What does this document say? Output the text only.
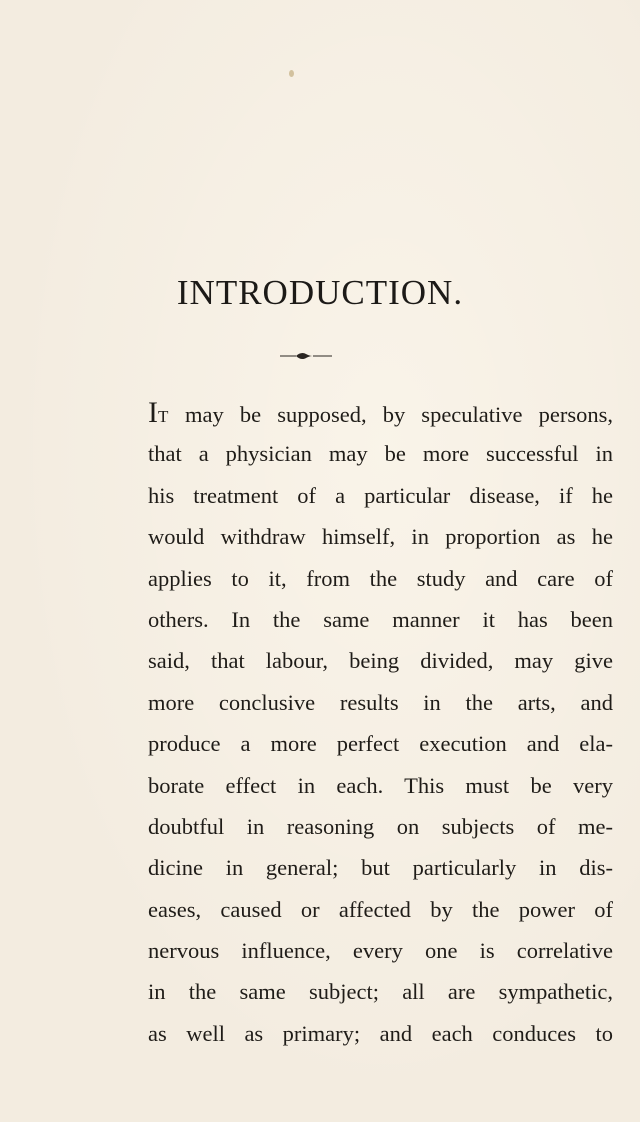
INTRODUCTION.
IT may be supposed, by speculative persons,
that a physician may be more successful in
his treatment of a particular disease, if he
would withdraw himself, in proportion as he
applies to it, from the study and care of
others. In the same manner it has been
said, that labour, being divided, may give
more conclusive results in the arts, and
produce a more perfect execution and ela-
borate effect in each. This must be very
doubtful in reasoning on subjects of me-
dicine in general; but particularly in dis-
eases, caused or affected by the power of
nervous influence, every one is correlative
in the same subject; all are sympathetic,
as well as primary; and each conduces to
